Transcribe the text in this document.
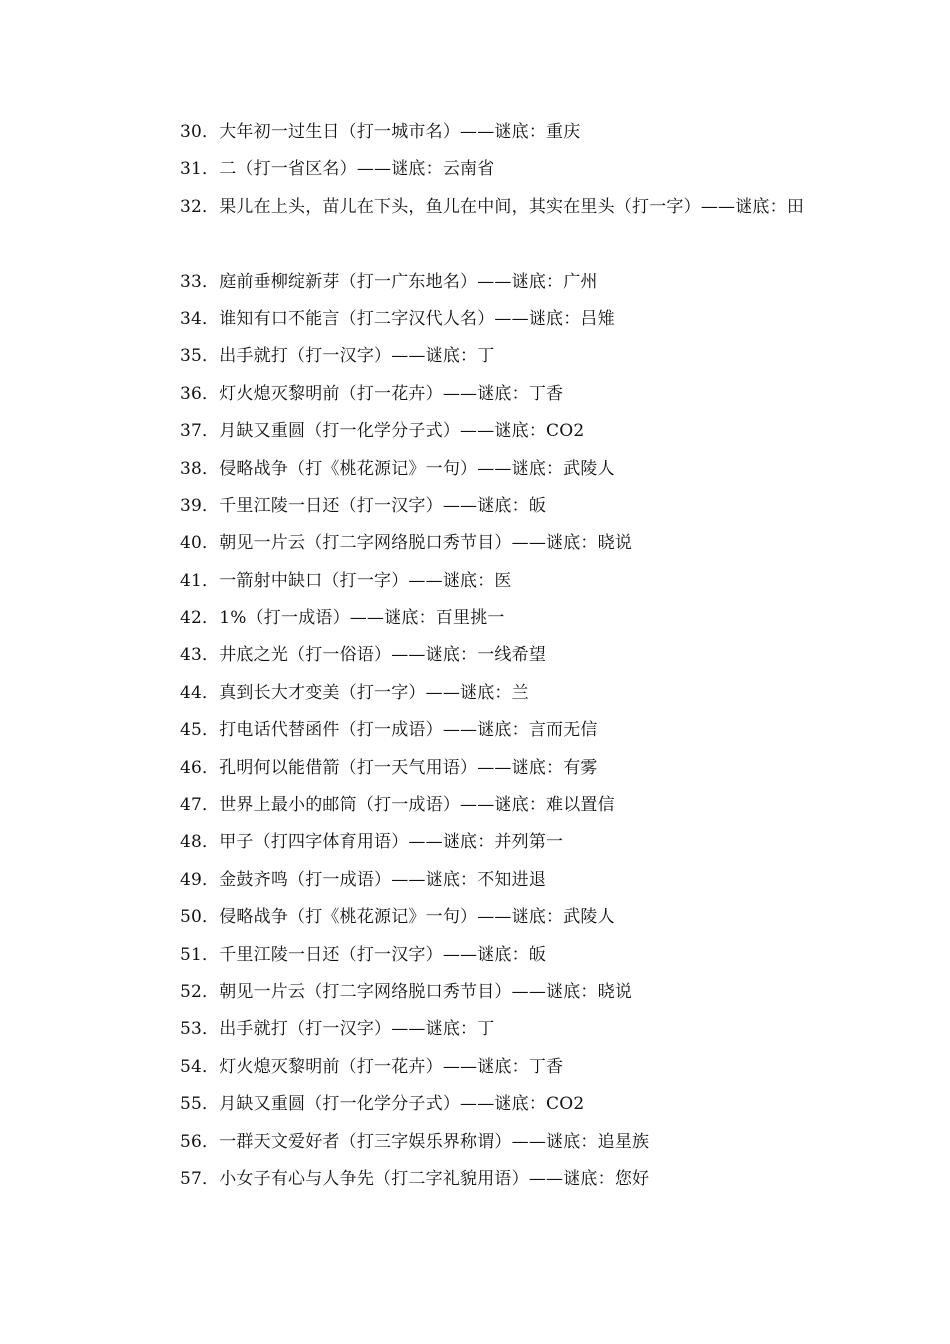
30．大年初一过生日（打一城市名）——谜底：重庆
31．二（打一省区名）——谜底：云南省
32．果儿在上头，苗儿在下头，鱼儿在中间，其实在里头（打一字）——谜底：田
33．庭前垂柳绽新芽（打一广东地名）——谜底：广州
34．谁知有口不能言（打二字汉代人名）——谜底：吕雉
35．出手就打（打一汉字）——谜底：丁
36．灯火熄灭黎明前（打一花卉）——谜底：丁香
37．月缺又重圆（打一化学分子式）——谜底：CO2
38．侵略战争（打《桃花源记》一句）——谜底：武陵人
39．千里江陵一日还（打一汉字）——谜底：皈
40．朝见一片云（打二字网络脱口秀节目）——谜底：晓说
41．一箭射中缺口（打一字）——谜底：医
42．1%（打一成语）——谜底：百里挑一
43．井底之光（打一俗语）——谜底：一线希望
44．真到长大才变美（打一字）——谜底：兰
45．打电话代替函件（打一成语）——谜底：言而无信
46．孔明何以能借箭（打一天气用语）——谜底：有雾
47．世界上最小的邮筒（打一成语）——谜底：难以置信
48．甲子（打四字体育用语）——谜底：并列第一
49．金鼓齐鸣（打一成语）——谜底：不知进退
50．侵略战争（打《桃花源记》一句）——谜底：武陵人
51．千里江陵一日还（打一汉字）——谜底：皈
52．朝见一片云（打二字网络脱口秀节目）——谜底：晓说
53．出手就打（打一汉字）——谜底：丁
54．灯火熄灭黎明前（打一花卉）——谜底：丁香
55．月缺又重圆（打一化学分子式）——谜底：CO2
56．一群天文爱好者（打三字娱乐界称谓）——谜底：追星族
57．小女子有心与人争先（打二字礼貌用语）——谜底：您好
